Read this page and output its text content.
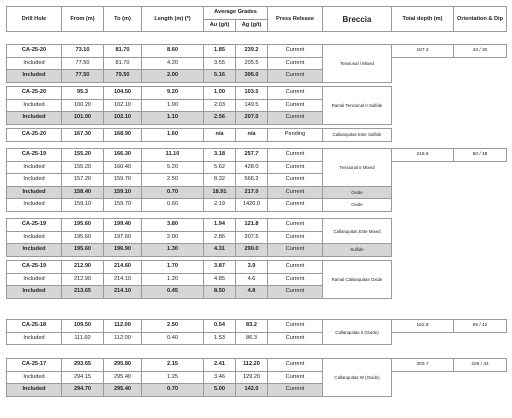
Drill Hole	From (m)	To (m)	Length (m) (*)	Average Grades		Press Release	Breccia	Total depth (m)	Orientation & Dip
				Au (g/t)	Ag (g/t)				
CA-25-20	73.10	81.70	8.60	1.85	239.2	Current	Tensional I Mixed	187.3	43 / 30
Included	77.50	81.70	4.20	3.55	205.5	Current			
Included	77.50	79.50	2.00	5.16	306.0	Current			
CA-25-20	95.3	104.50	9.20	1.00	103.5	Current	Ramal Tensional II Sulfide		
Included	100.20	102.10	1.90	2.03	149.5	Current			
Included	101.00	102.10	1.10	2.56	207.0	Current			
CA-25-20	167.30	168.90	1.60	n/a	n/a	Pending	Callanquitas Este Sulfide		
CA-25-19	155.20	166.30	11.10	3.18	257.7	Current	Tensional II Mixed	218.6	50 / 48
Included	155.20	160.40	5.20	5.62	428.0	Current			
Included	157.20	159.70	2.50	8.32	566.2	Current			
Included	158.40	159.10	0.70	18.91	217.0	Current	Oxide		
Included	159.10	159.70	0.60	2.19	1420.0	Current	Oxide		
CA-25-19	195.60	199.40	3.80	1.94	121.8	Current	Callanquitas Este Mixed		
Included	195.60	197.60	2.00	2.86	207.5	Current			
Included	195.60	196.90	1.30	4.31	290.0	Current	Sulfide		
CA-25-19	212.90	214.60	1.70	3.87	3.9	Current	Ramal Callanquitas Oxide		
Included	212.90	214.10	1.20	4.85	4.6	Current			
Included	213.65	214.10	0.45	8.50	4.8	Current			
CA-25-18	109.50	112.00	2.50	0.54	83.2	Current	Callanquitas II (Oxide)	162.9	65 / 42
Included	111.60	112.00	0.40	1.53	86.3	Current			
CA-25-17	293.65	295.80	2.15	2.41	112.20	Current	Callanquitas W (Oxide)	303.7	229 / 44
Included	294.15	295.40	1.25	3.46	129.20	Current			
Included	294.70	295.40	0.70	5.00	142.0	Current			
